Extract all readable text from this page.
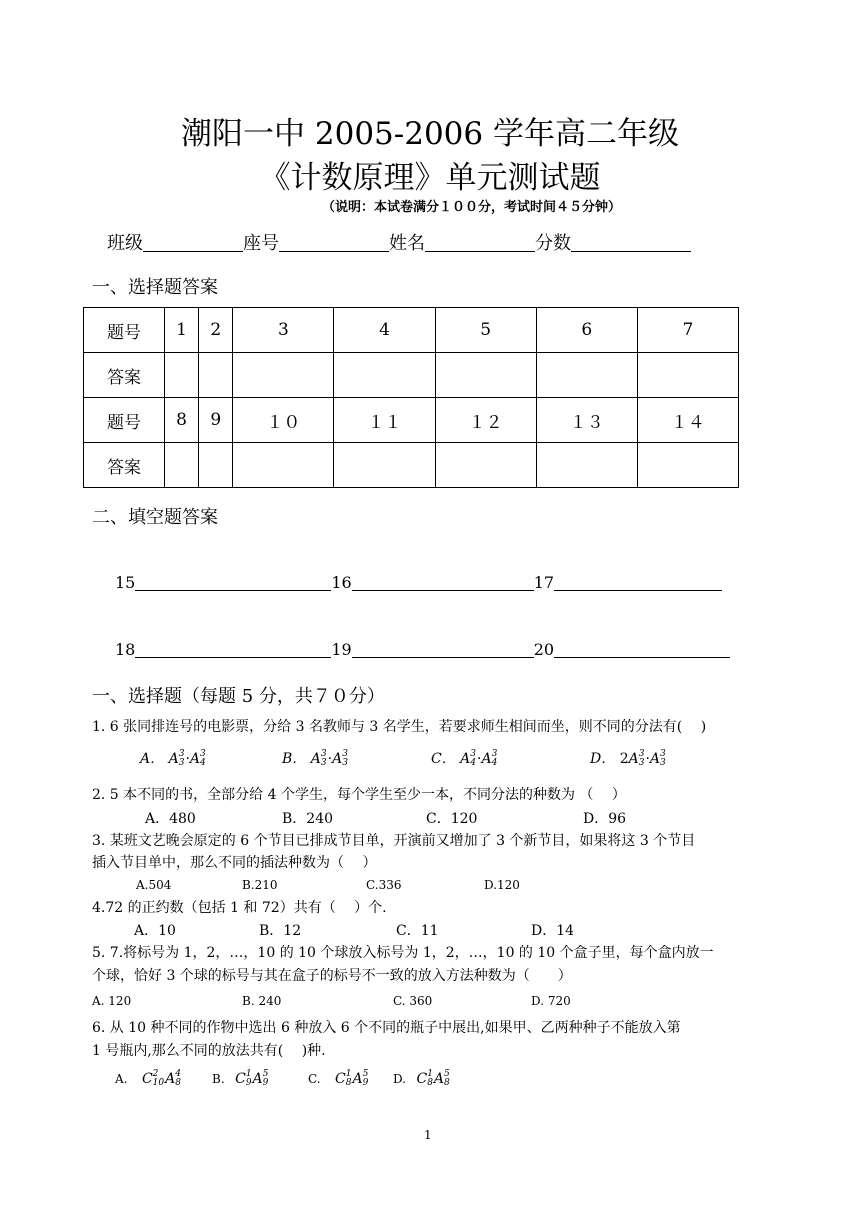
潮阳一中 2005-2006 学年高二年级
《计数原理》单元测试题
（说明：本试卷满分１００分，考试时间４５分钟）
班级	座号	姓名	分数
一、选择题答案
题号	1	2	3	4	5	6	7
答案							
题号	8	9	１０	１１	１２	１３	１４
答案							
二、填空题答案
15	16	17
18	19	20
一、选择题（每题 5 分，共７０分）
1. 6 张同排连号的电影票，分给 3 名教师与 3 名学生，若要求师生相间而坐，则不同的分法有(　 )
A． A 3
3 ·A 3
4	B． A 3
3 ·A 3
3	C． A 3
4 ·A 3
4	D． 2A 3
3 ·A 3
3
2. 5 本不同的书，全部分给 4 个学生，每个学生至少一本，不同分法的种数为 （　 ）
A．480	B．240	C．120	D．96
3. 某班文艺晚会原定的 6 个节目已排成节目单，开演前又增加了 3 个新节目，如果将这 3 个节目
插入节目单中，那么不同的插法种数为（　 ）
A.504	B.210	C.336	D.120
4.72 的正约数（包括 1 和 72）共有（　 ）个.
A．10	B．12	C．11	D．14
5. 7.将标号为 1，2，…，10 的 10 个球放入标号为 1，2，…，10 的 10 个盒子里，每个盒内放一
个球，恰好 3 个球的标号与其在盒子的标号不一致的放入方法种数为（　　）
A. 120	B. 240	C. 360	D. 720
6. 从 10 种不同的作物中选出 6 种放入 6 个不同的瓶子中展出,如果甲、乙两种种子不能放入第
1 号瓶内,那么不同的放法共有(　 )种.
A. C 2
10 A 4
8	B. C 1
9 A 5
9	C. C 1
8 A 5
9 D. C 1
8 A 5
8
1
